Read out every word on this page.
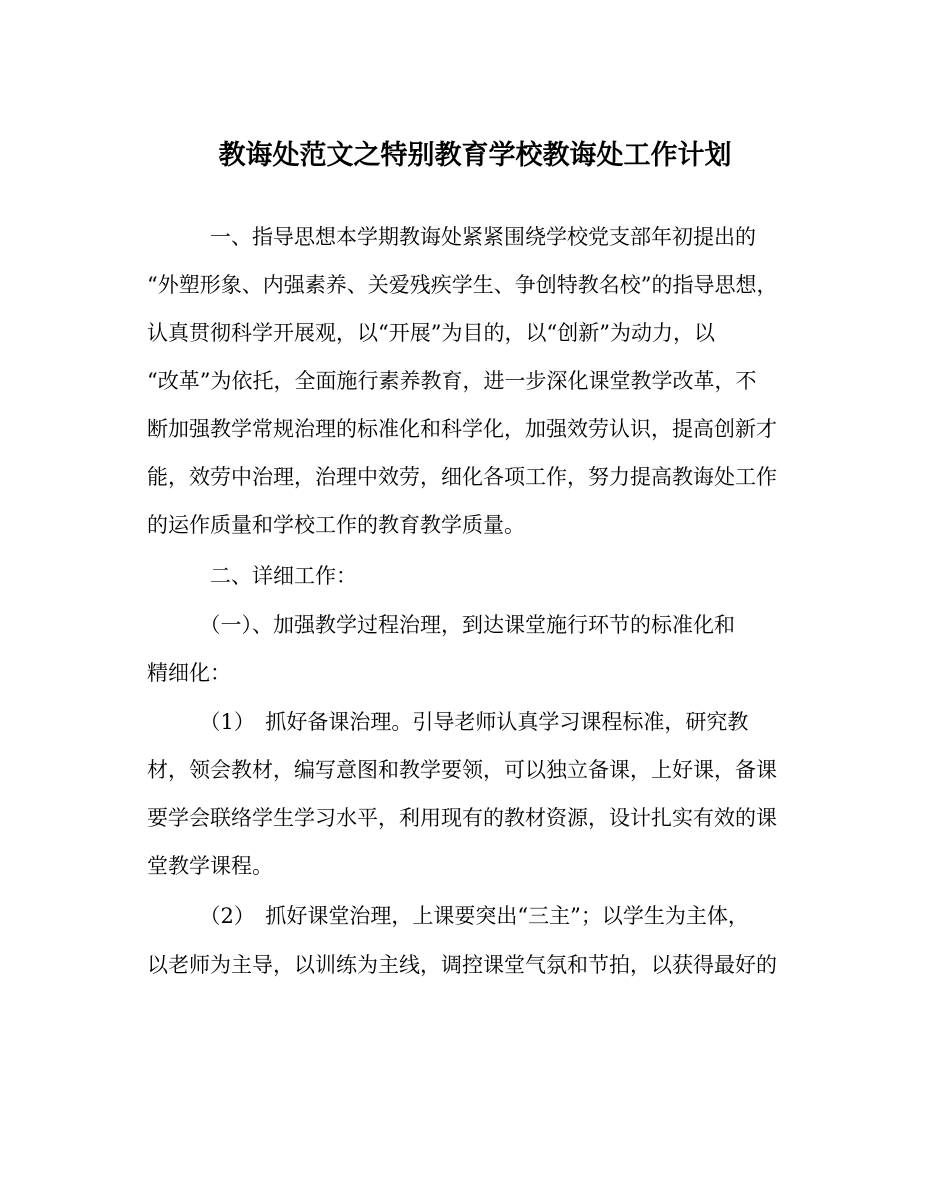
教诲处范文之特别教育学校教诲处工作计划
　　　一、指导思想本学期教诲处紧紧围绕学校党支部年初提出的
“外塑形象、内强素养、关爱残疾学生、争创特教名校”的指导思想，
认真贯彻科学开展观，以“开展”为目的，以“创新”为动力，以
“改革”为依托，全面施行素养教育，进一步深化课堂教学改革，不
断加强教学常规治理的标准化和科学化，加强效劳认识，提高创新才
能，效劳中治理，治理中效劳，细化各项工作，努力提高教诲处工作
的运作质量和学校工作的教育教学质量。
　　　二、详细工作：
　　　（一）、加强教学过程治理，到达课堂施行环节的标准化和
精细化：
　　　（1）　抓好备课治理。引导老师认真学习课程标准，研究教
材，领会教材，编写意图和教学要领，可以独立备课，上好课，备课
要学会联络学生学习水平，利用现有的教材资源，设计扎实有效的课
堂教学课程。
　　　（2）　抓好课堂治理，上课要突出“三主”；以学生为主体，
以老师为主导，以训练为主线，调控课堂气氛和节拍，以获得最好的
